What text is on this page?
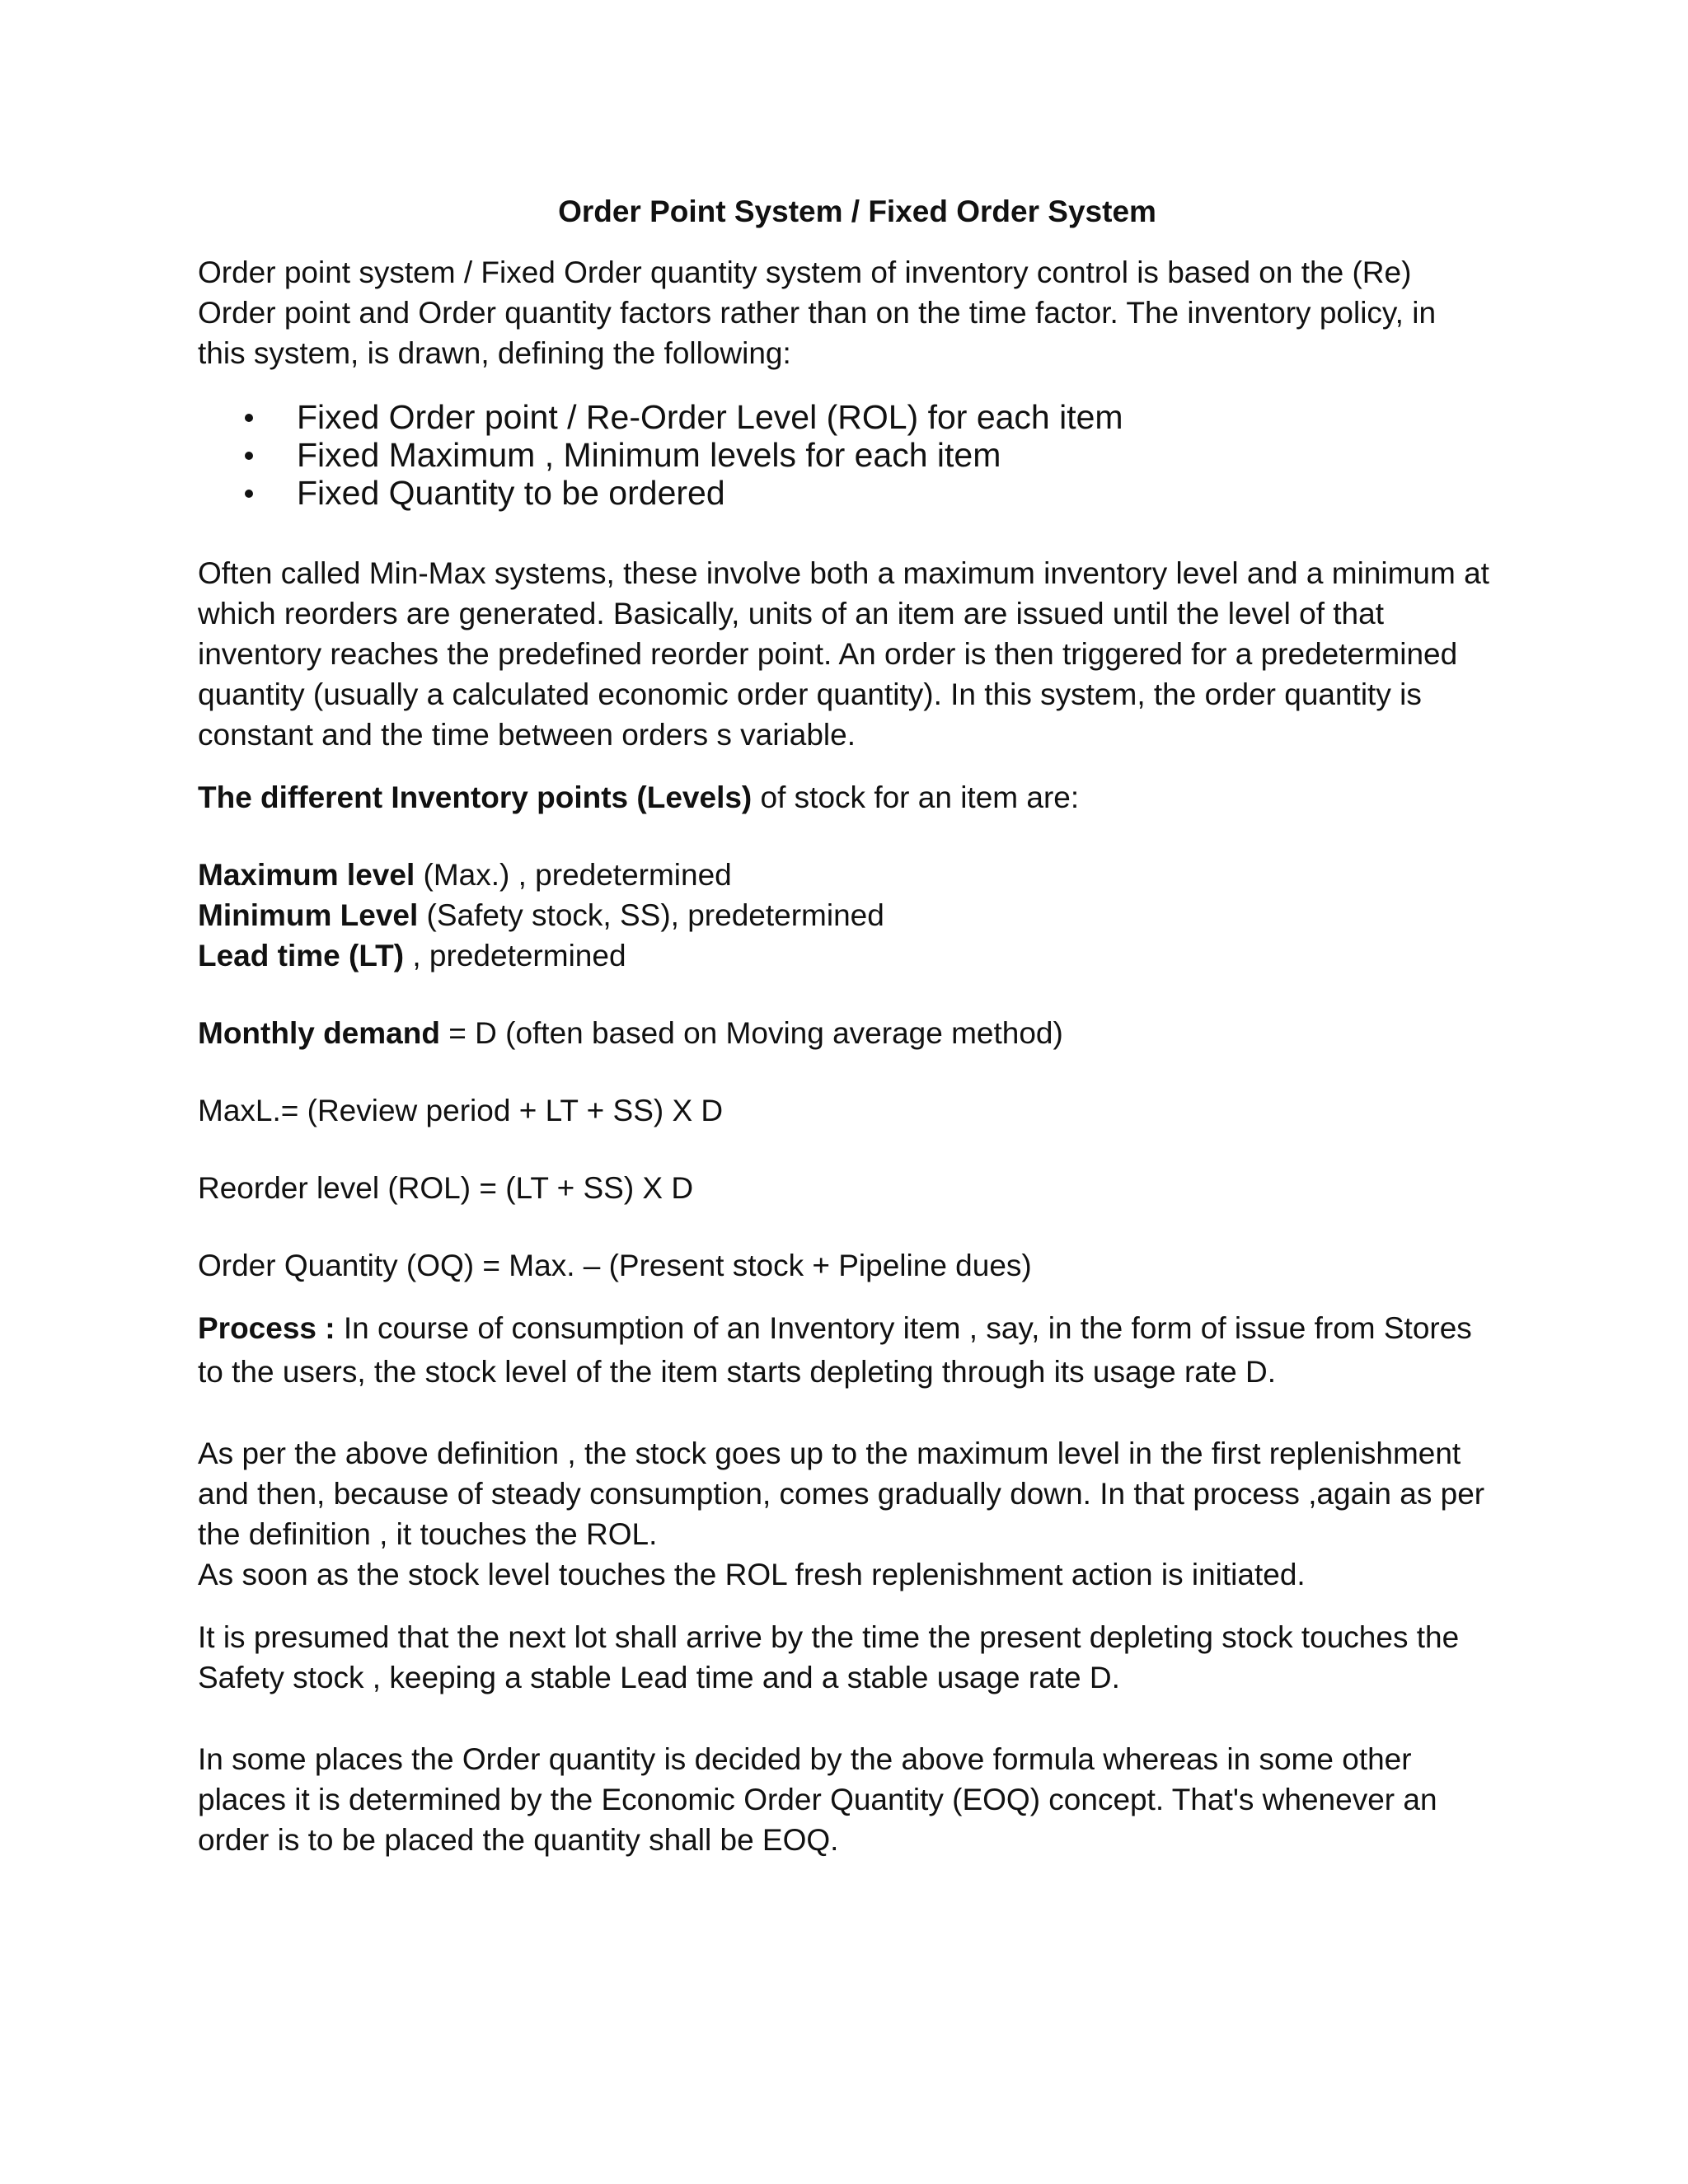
Order Point System / Fixed Order System

Order point system / Fixed Order quantity system of inventory control is based on the (Re)

Order point and Order quantity factors rather than on the time factor. The inventory policy, in

this system, is drawn, defining the following:

Fixed Order point / Re-Order Level (ROL) for each item
Fixed Maximum , Minimum levels for each item
Fixed Quantity to be ordered

Often called Min-Max systems, these involve both a maximum inventory level and a minimum at

which reorders are generated. Basically, units of an item are issued until the level of that

inventory reaches the predefined reorder point. An order is then triggered for a predetermined

quantity (usually a calculated economic order quantity). In this system, the order quantity is

constant and the time between orders s variable.

The different Inventory points (Levels) of stock for an item are:

Maximum level (Max.) , predetermined

Minimum Level (Safety stock, SS), predetermined

Lead time (LT) , predetermined

Monthly demand = D (often based on Moving average method)

MaxL.= (Review period + LT + SS) X D

Reorder level (ROL) = (LT + SS) X D

Order Quantity (OQ) = Max. – (Present stock + Pipeline dues)

Process : In course of consumption of an Inventory item , say, in the form of issue from Stores

to the users, the stock level of the item starts depleting through its usage rate D.

As per the above definition , the stock goes up to the maximum level in the first replenishment

and then, because of steady consumption, comes gradually down. In that process ,again as per

the definition , it touches the ROL.

As soon as the stock level touches the ROL fresh replenishment action is initiated.

It is presumed that the next lot shall arrive by the time the present depleting stock touches the

Safety stock , keeping a stable Lead time and a stable usage rate D.

In some places the Order quantity is decided by the above formula whereas in some other

places it is determined by the Economic Order Quantity (EOQ) concept. That's whenever an

order is to be placed the quantity shall be EOQ.
